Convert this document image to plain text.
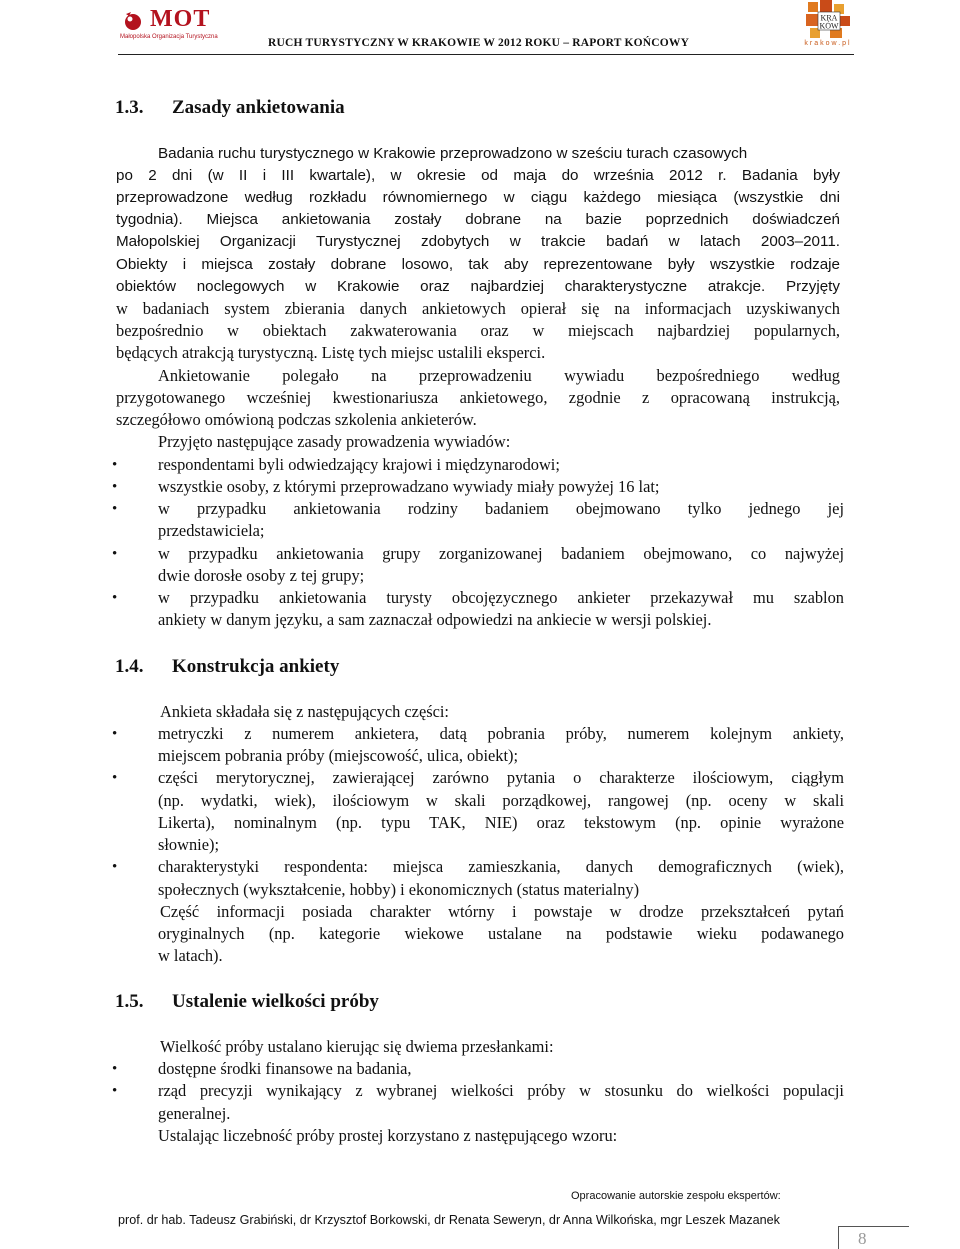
MOT
Małopolska Organizacja Turystyczna	RUCH TURYSTYCZNY W KRAKOWIE W 2012 ROKU – RAPORT KOŃCOWY
KRA
KÓW
krakow.pl
1.3. Zasady ankietowania
Badania ruchu turystycznego w Krakowie przeprowadzono w sześciu turach czasowych
po 2 dni (w II i III kwartale), w okresie od maja do września 2012 r. Badania były
przeprowadzone według rozkładu równomiernego w ciągu każdego miesiąca (wszystkie dni
tygodnia). Miejsca ankietowania zostały dobrane na bazie poprzednich doświadczeń
Małopolskiej Organizacji Turystycznej zdobytych w trakcie badań w latach 2003–2011.
Obiekty i miejsca zostały dobrane losowo, tak aby reprezentowane były wszystkie rodzaje
obiektów noclegowych w Krakowie oraz najbardziej charakterystyczne atrakcje. Przyjęty
w badaniach system zbierania danych ankietowych opierał się na informacjach uzyskiwanych
bezpośrednio w obiektach zakwaterowania oraz w miejscach najbardziej popularnych,
będących atrakcją turystyczną. Listę tych miejsc ustalili eksperci.
Ankietowanie polegało na przeprowadzeniu wywiadu bezpośredniego według
przygotowanego wcześniej kwestionariusza ankietowego, zgodnie z opracowaną instrukcją,
szczegółowo omówioną podczas szkolenia ankieterów.
Przyjęto następujące zasady prowadzenia wywiadów:
• respondentami byli odwiedzający krajowi i międzynarodowi;
• wszystkie osoby, z którymi przeprowadzano wywiady miały powyżej 16 lat;
• w przypadku ankietowania rodziny badaniem obejmowano tylko jednego jej
przedstawiciela;
• w przypadku ankietowania grupy zorganizowanej badaniem obejmowano, co najwyżej
dwie dorosłe osoby z tej grupy;
• w przypadku ankietowania turysty obcojęzycznego ankieter przekazywał mu szablon
ankiety w danym języku, a sam zaznaczał odpowiedzi na ankiecie w wersji polskiej.
1.4. Konstrukcja ankiety
Ankieta składała się z następujących części:
• metryczki z numerem ankietera, datą pobrania próby, numerem kolejnym ankiety,
miejscem pobrania próby (miejscowość, ulica, obiekt);
• części merytorycznej, zawierającej zarówno pytania o charakterze ilościowym, ciągłym
(np. wydatki, wiek), ilościowym w skali porządkowej, rangowej (np. oceny w skali
Likerta), nominalnym (np. typu TAK, NIE) oraz tekstowym (np. opinie wyrażone
słownie);
• charakterystyki respondenta: miejsca zamieszkania, danych demograficznych (wiek),
społecznych (wykształcenie, hobby) i ekonomicznych (status materialny)
Część informacji posiada charakter wtórny i powstaje w drodze przekształceń pytań
oryginalnych (np. kategorie wiekowe ustalane na podstawie wieku podawanego
w latach).
1.5. Ustalenie wielkości próby
Wielkość próby ustalano kierując się dwiema przesłankami:
• dostępne środki finansowe na badania,
• rząd precyzji wynikający z wybranej wielkości próby w stosunku do wielkości populacji
generalnej.
Ustalając liczebność próby prostej korzystano z następującego wzoru:
Opracowanie autorskie zespołu ekspertów:
prof. dr hab. Tadeusz Grabiński, dr Krzysztof Borkowski, dr Renata Seweryn, dr Anna Wilkońska, mgr Leszek Mazanek
8
